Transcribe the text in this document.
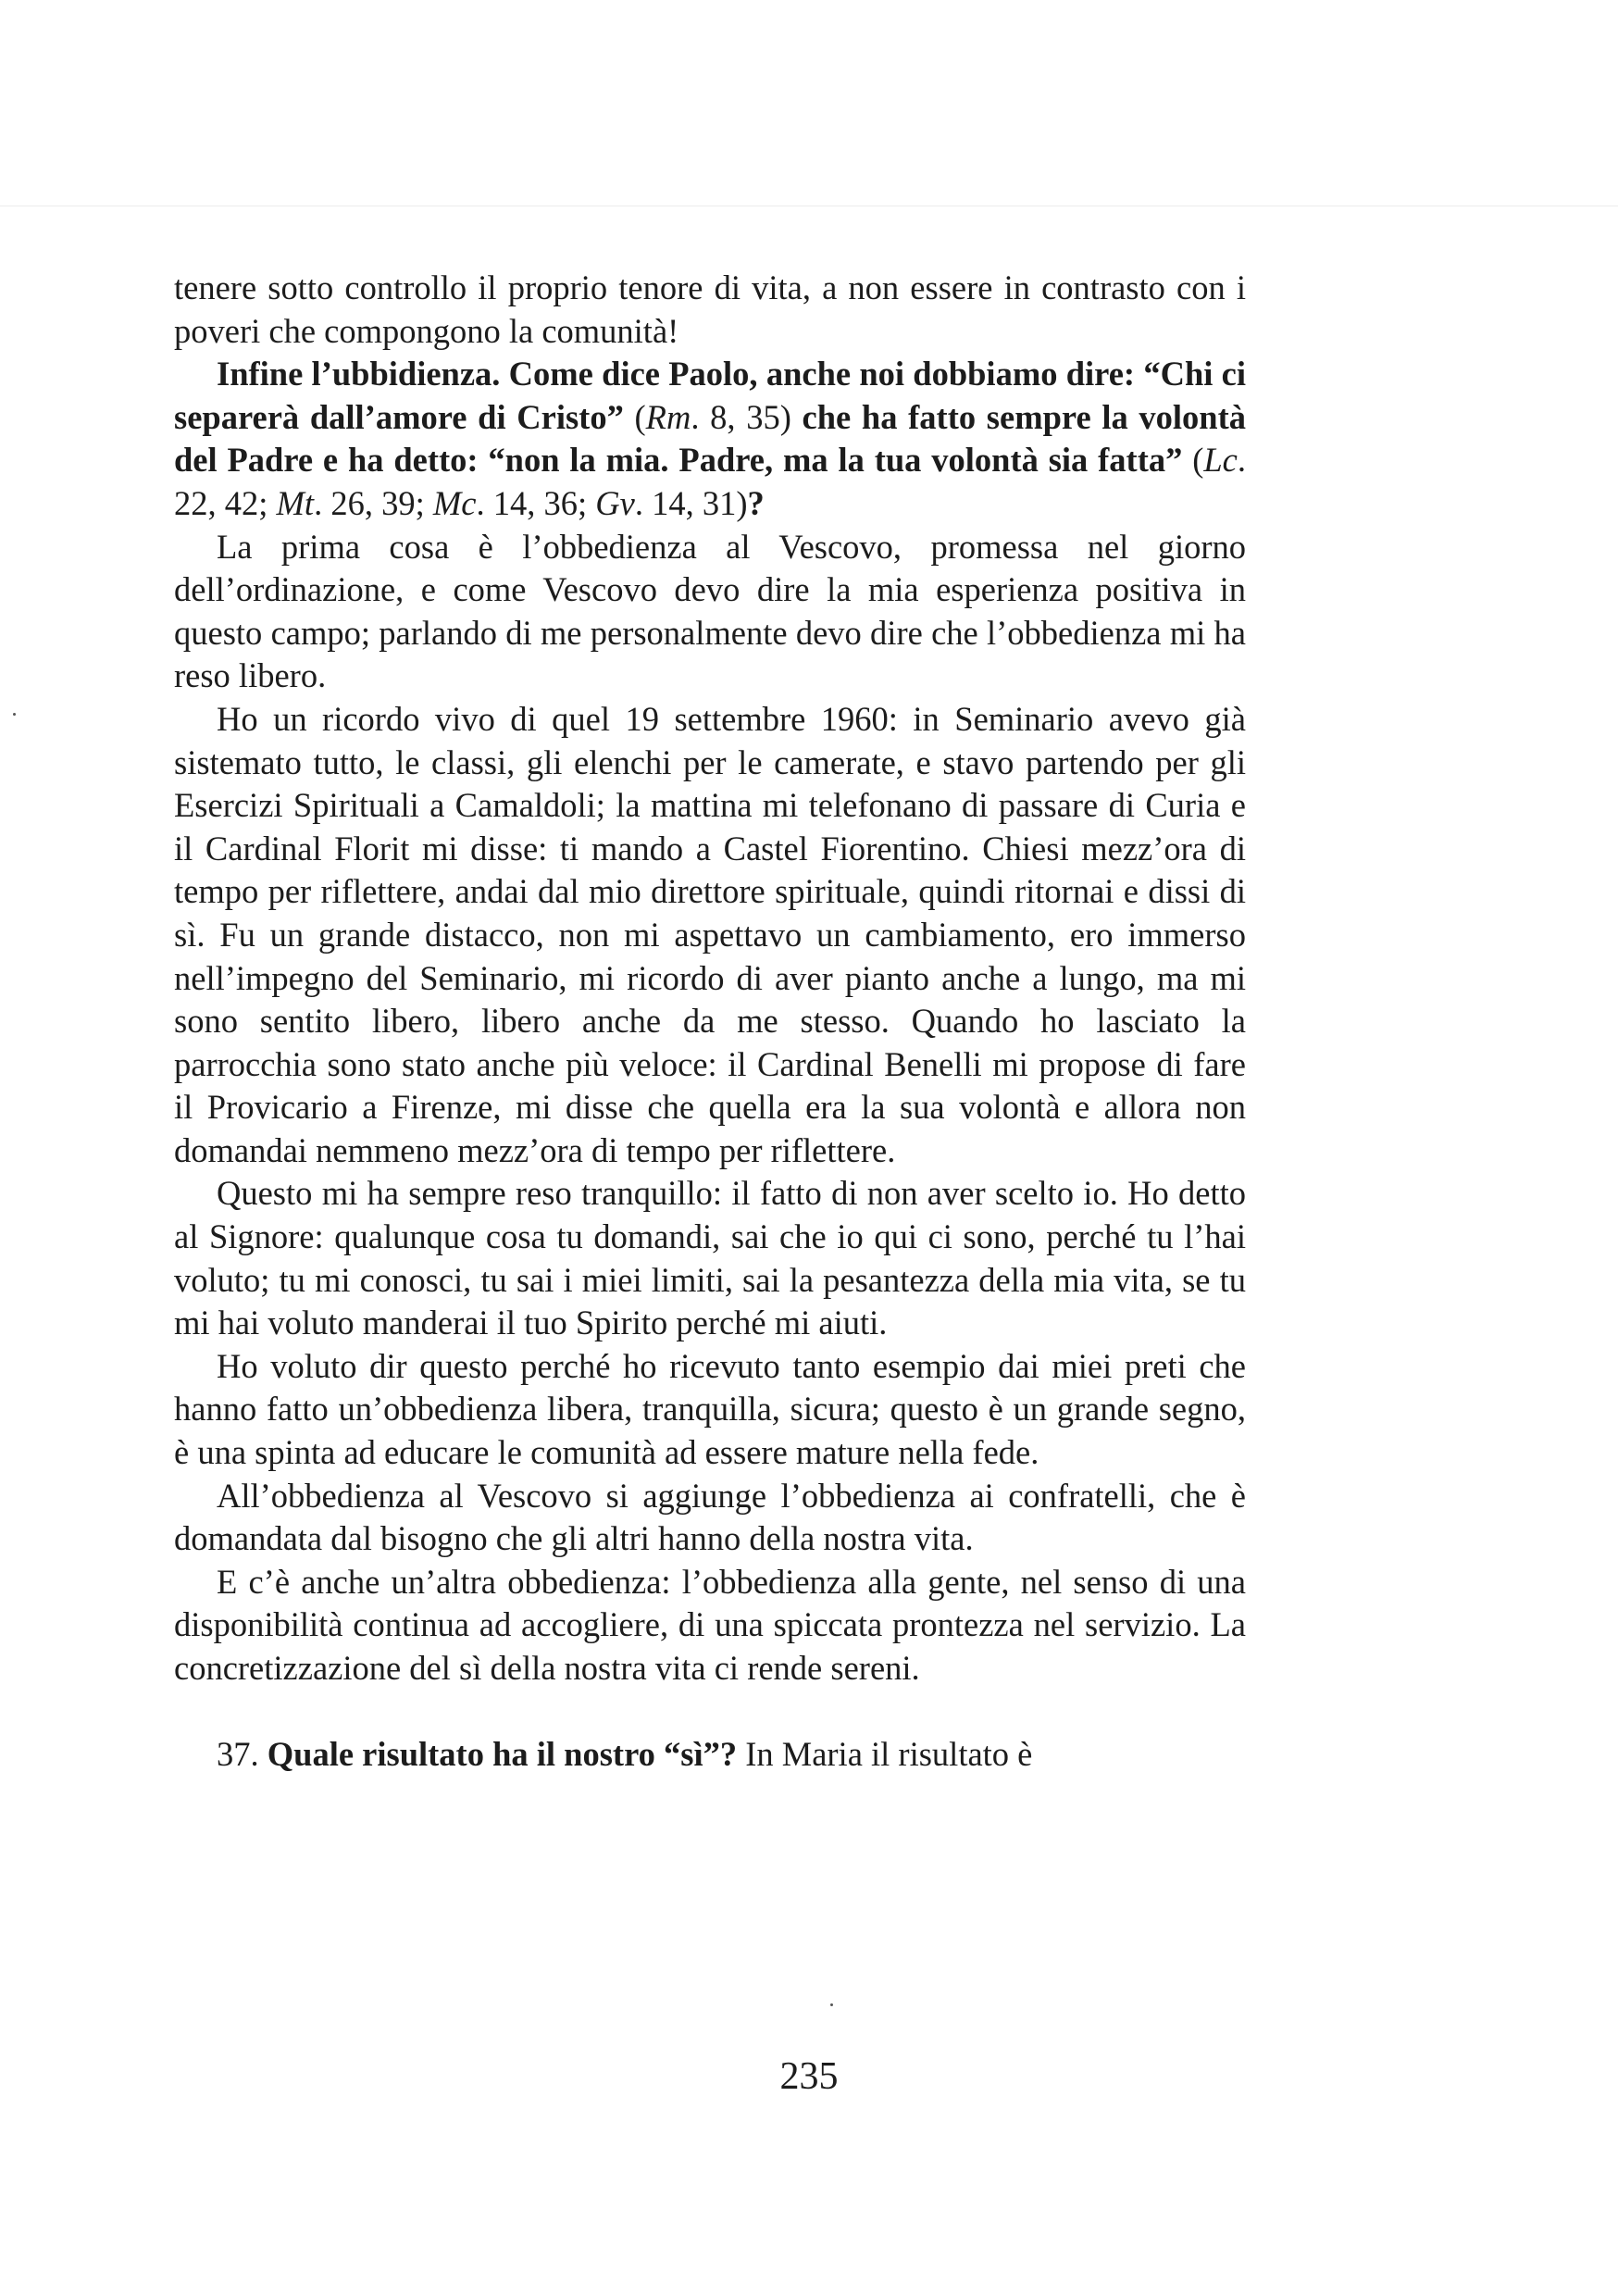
tenere sotto controllo il proprio tenore di vita, a non essere in contrasto con i poveri che compongono la comunità!

Infine l’ubbidienza. Come dice Paolo, anche noi dobbiamo dire: “Chi ci separerà dall’amore di Cristo” (Rm. 8, 35) che ha fatto sempre la volontà del Padre e ha detto: “non la mia. Padre, ma la tua volontà sia fatta” (Lc. 22, 42; Mt. 26, 39; Mc. 14, 36; Gv. 14, 31)?

La prima cosa è l’obbedienza al Vescovo, promessa nel giorno dell’ordinazione, e come Vescovo devo dire la mia esperienza positiva in questo campo; parlando di me personalmente devo dire che l’obbedienza mi ha reso libero.

Ho un ricordo vivo di quel 19 settembre 1960: in Seminario avevo già sistemato tutto, le classi, gli elenchi per le camerate, e stavo partendo per gli Esercizi Spirituali a Camaldoli; la mattina mi telefonano di passare di Curia e il Cardinal Florit mi disse: ti mando a Castel Fiorentino. Chiesi mezz’ora di tempo per riflettere, andai dal mio direttore spirituale, quindi ritornai e dissi di sì. Fu un grande distacco, non mi aspettavo un cambiamento, ero immerso nell’impegno del Seminario, mi ricordo di aver pianto anche a lungo, ma mi sono sentito libero, libero anche da me stesso. Quando ho lasciato la parrocchia sono stato anche più veloce: il Cardinal Benelli mi propose di fare il Provicario a Firenze, mi disse che quella era la sua volontà e allora non domandai nemmeno mezz’ora di tempo per riflettere.

Questo mi ha sempre reso tranquillo: il fatto di non aver scelto io. Ho detto al Signore: qualunque cosa tu domandi, sai che io qui ci sono, perché tu l’hai voluto; tu mi conosci, tu sai i miei limiti, sai la pesantezza della mia vita, se tu mi hai voluto manderai il tuo Spirito perché mi aiuti.

Ho voluto dir questo perché ho ricevuto tanto esempio dai miei preti che hanno fatto un’obbedienza libera, tranquilla, sicura; questo è un grande segno, è una spinta ad educare le comunità ad essere mature nella fede.

All’obbedienza al Vescovo si aggiunge l’obbedienza ai confratelli, che è domandata dal bisogno che gli altri hanno della nostra vita.

E c’è anche un’altra obbedienza: l’obbedienza alla gente, nel senso di una disponibilità continua ad accogliere, di una spiccata prontezza nel servizio. La concretizzazione del sì della nostra vita ci rende sereni.

37. Quale risultato ha il nostro “sì”? In Maria il risultato è

235
